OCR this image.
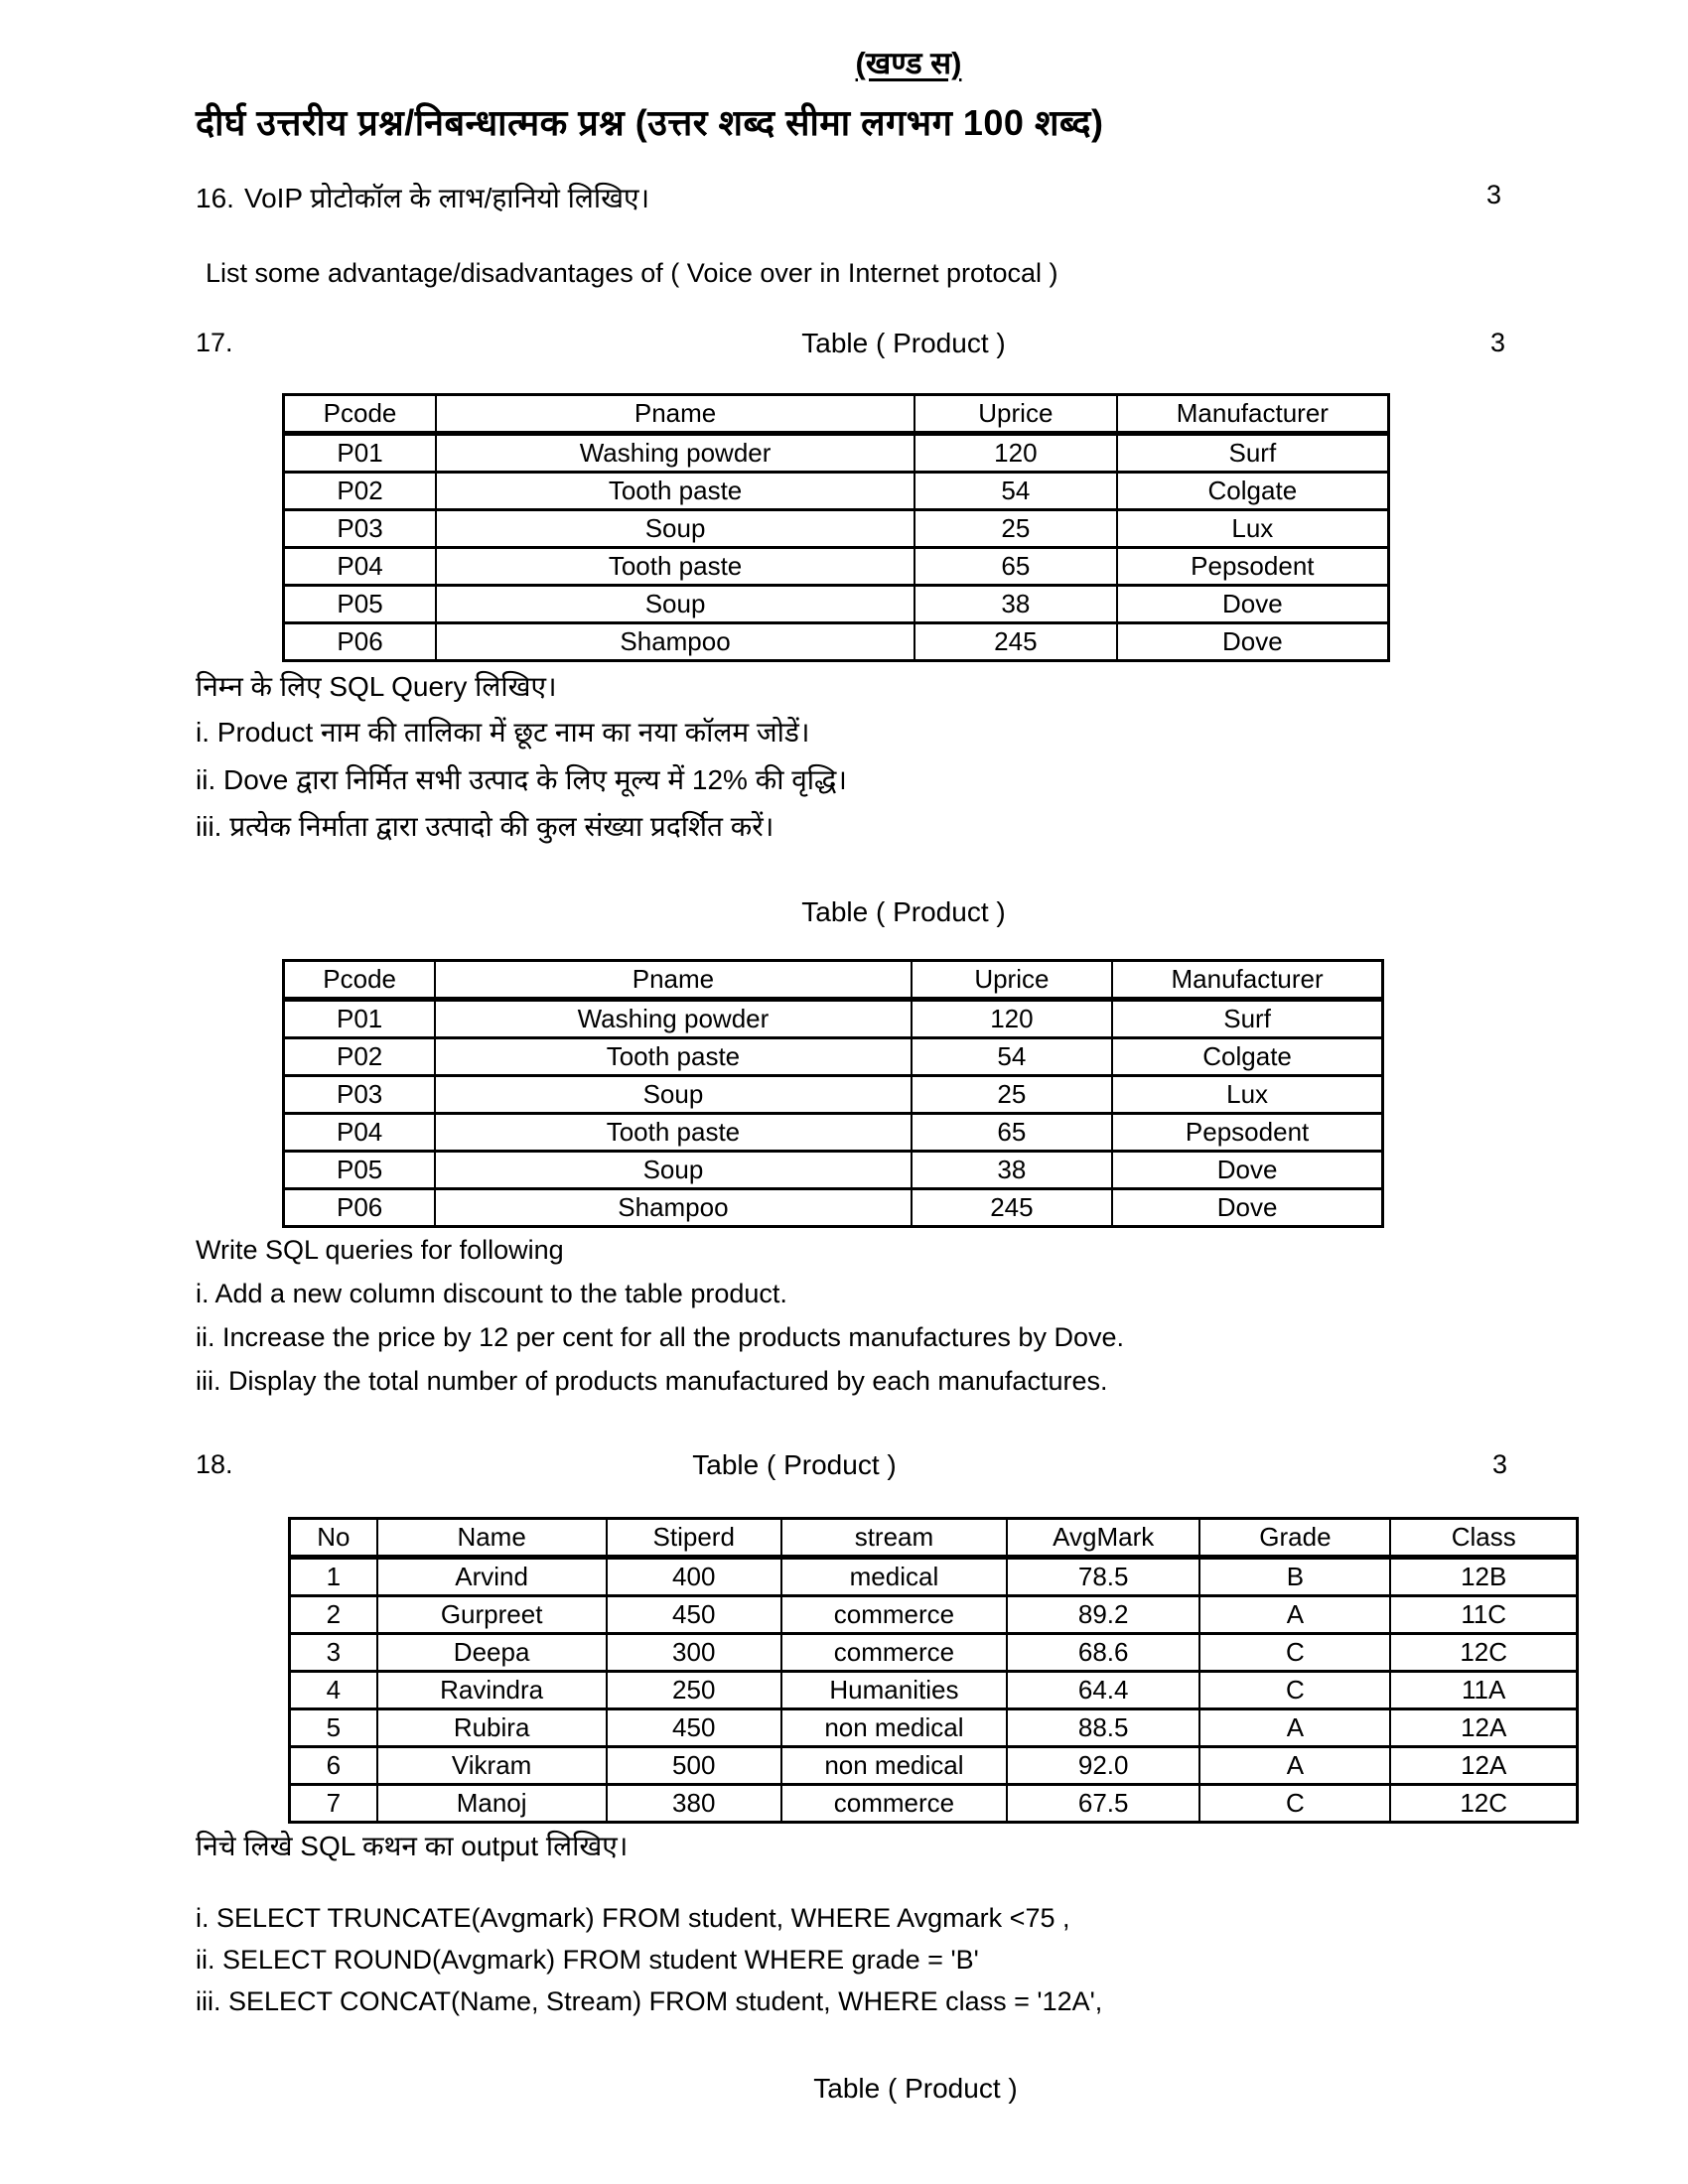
(खण्ड स)
दीर्घ उत्तरीय प्रश्न/निबन्धात्मक प्रश्न (उत्तर शब्द सीमा लगभग 100 शब्द)
16. VoIP प्रोटोकॉल के लाभ/हानियो लिखिए।	3
List some advantage/disadvantages of ( Voice over in Internet protocal )
17.	Table ( Product )	3
Pcode	Pname	Uprice	Manufacturer
P01	Washing powder	120	Surf
P02	Tooth paste	54	Colgate
P03	Soup	25	Lux
P04	Tooth paste	65	Pepsodent
P05	Soup	38	Dove
P06	Shampoo	245	Dove
निम्न के लिए SQL Query लिखिए।
i. Product नाम की तालिका में छूट नाम का नया कॉलम जोडें।
ii. Dove द्वारा निर्मित सभी उत्पाद के लिए मूल्य में 12% की वृद्धि।
iii. प्रत्येक निर्माता द्वारा उत्पादो की कुल संख्या प्रदर्शित करें।
Table ( Product )
Pcode	Pname	Uprice	Manufacturer
P01	Washing powder	120	Surf
P02	Tooth paste	54	Colgate
P03	Soup	25	Lux
P04	Tooth paste	65	Pepsodent
P05	Soup	38	Dove
P06	Shampoo	245	Dove
Write SQL queries for following
i. Add a new column discount to the table product.
ii. Increase the price by 12 per cent for all the products manufactures by Dove.
iii. Display the total number of products manufactured by each manufactures.
18.	Table ( Product )	3
No	Name	Stiperd	stream	AvgMark	Grade	Class
1	Arvind	400	medical	78.5	B	12B
2	Gurpreet	450	commerce	89.2	A	11C
3	Deepa	300	commerce	68.6	C	12C
4	Ravindra	250	Humanities	64.4	C	11A
5	Rubira	450	non medical	88.5	A	12A
6	Vikram	500	non medical	92.0	A	12A
7	Manoj	380	commerce	67.5	C	12C
निचे लिखे SQL कथन का output लिखिए।
i. SELECT TRUNCATE(Avgmark) FROM student, WHERE Avgmark <75 ,
ii. SELECT ROUND(Avgmark) FROM student WHERE grade = 'B'
iii. SELECT CONCAT(Name, Stream) FROM student, WHERE class = '12A',
Table ( Product )
